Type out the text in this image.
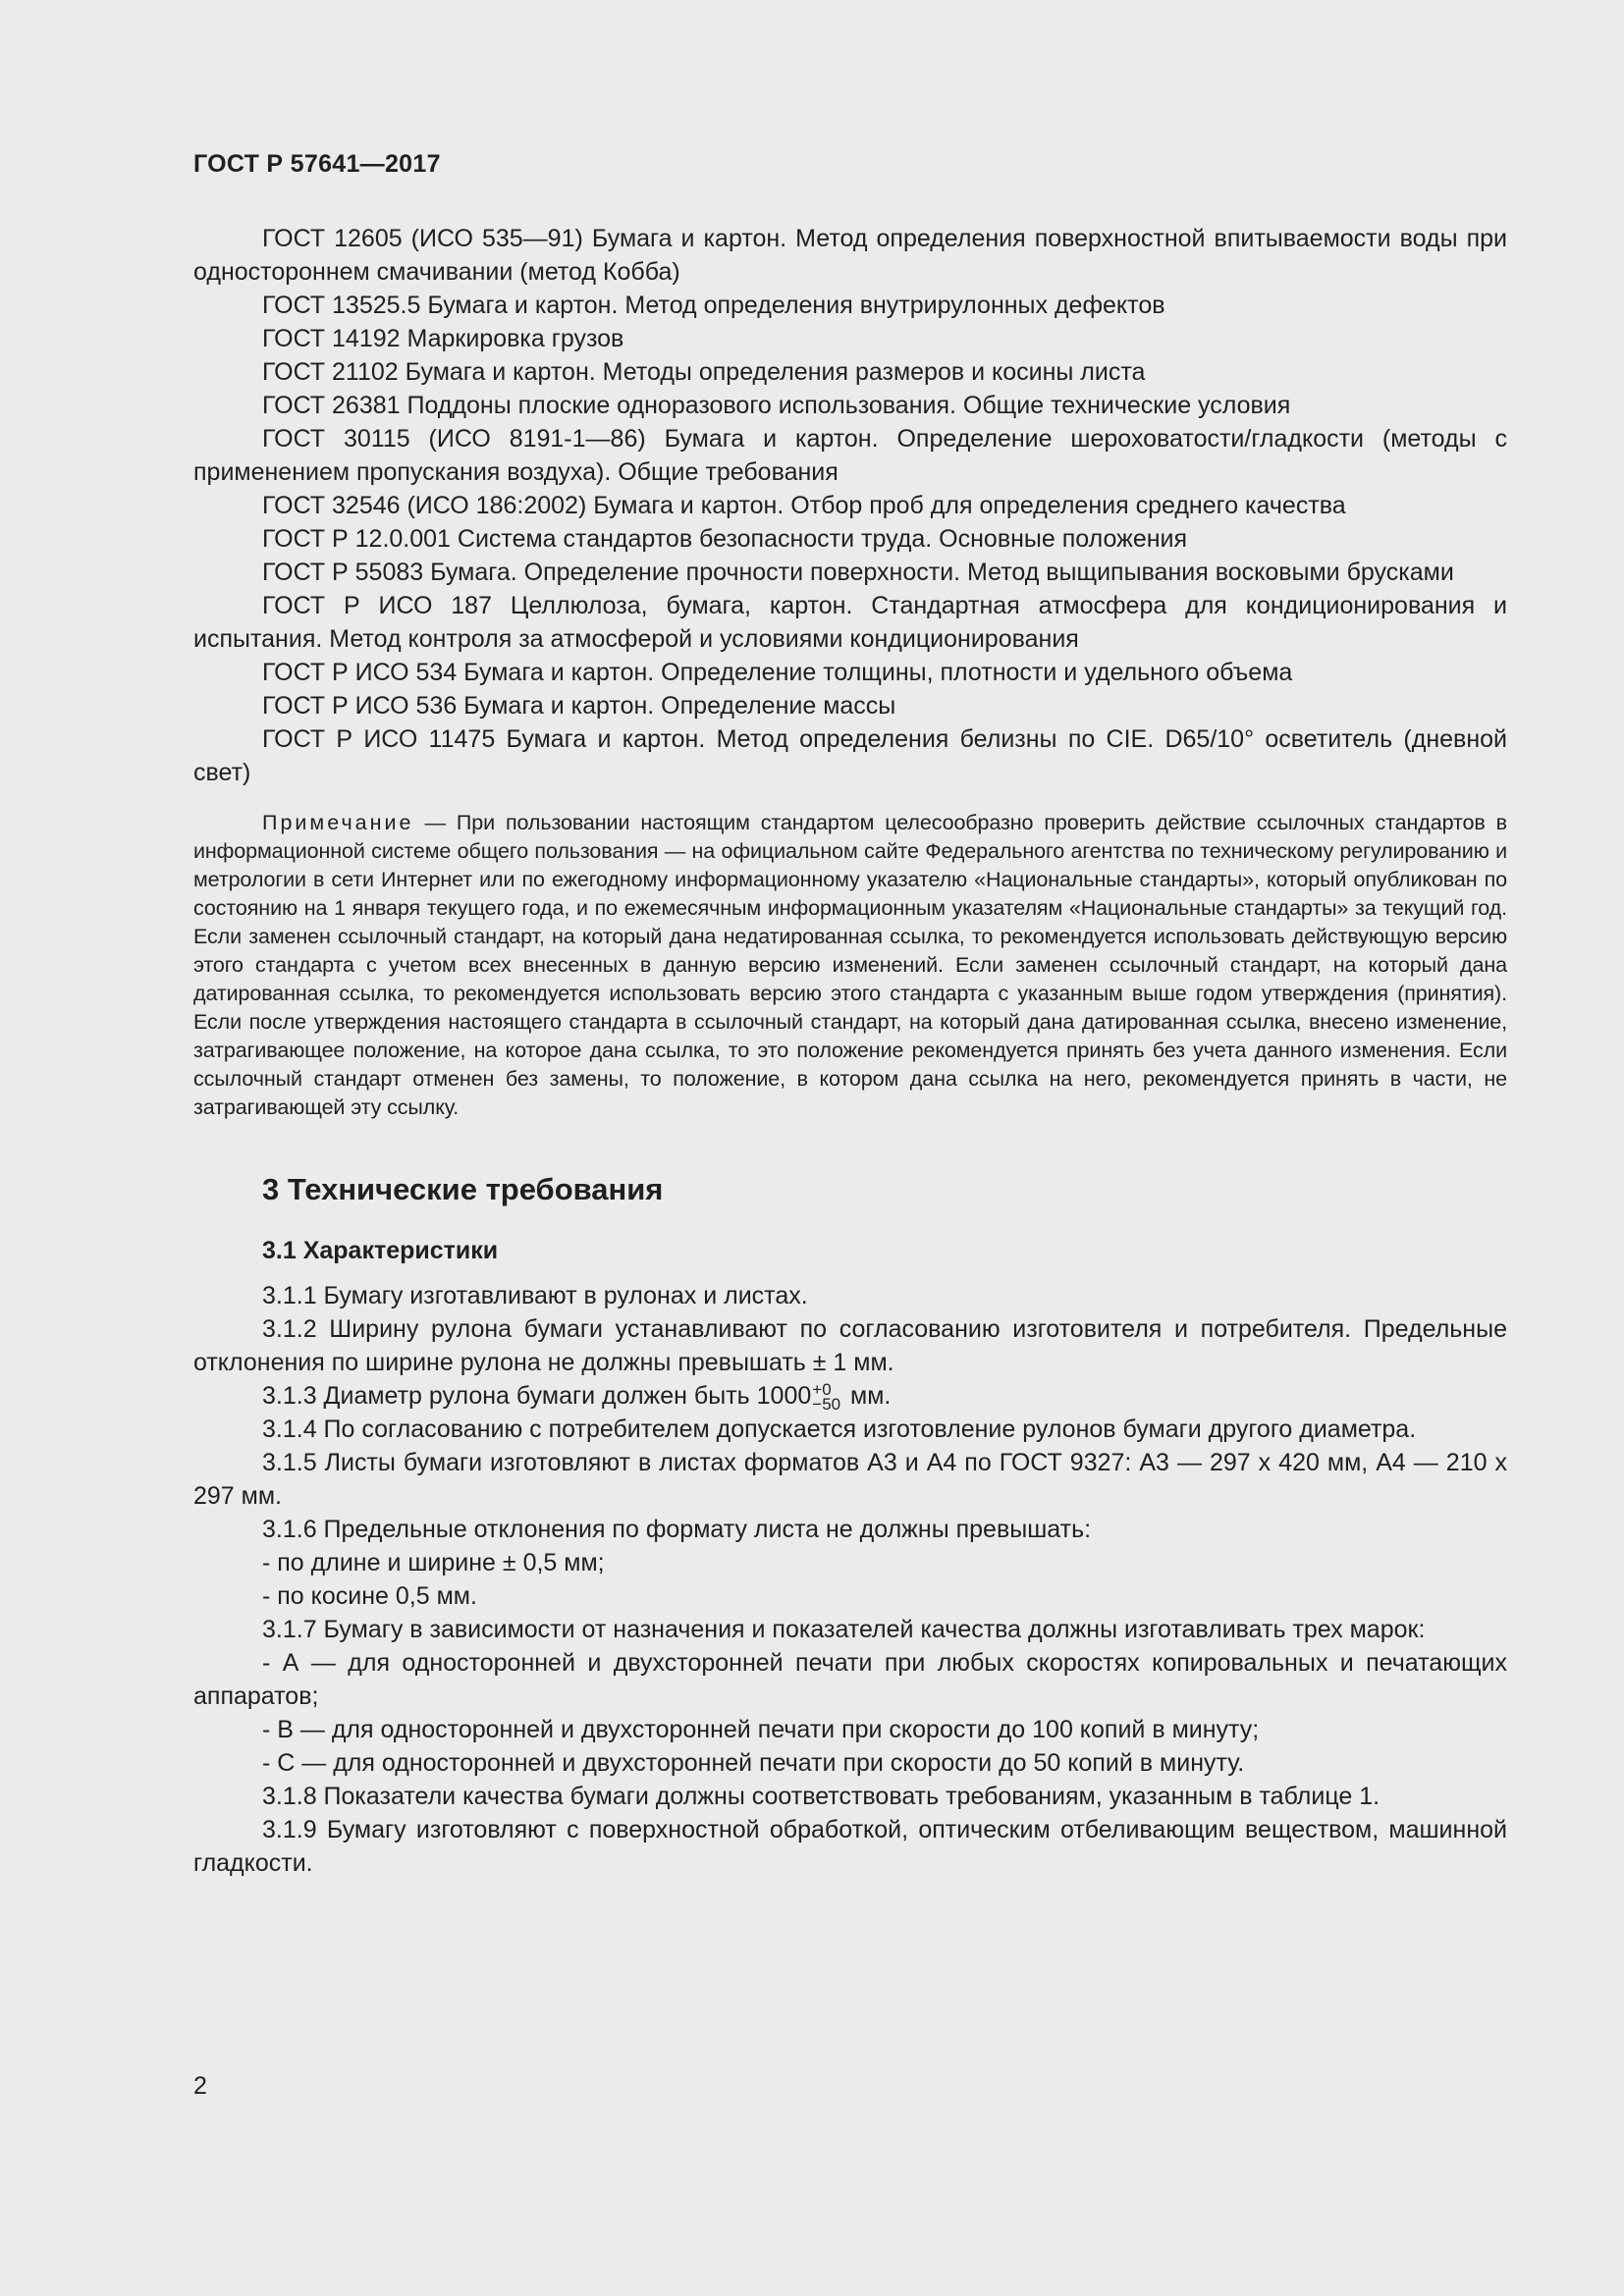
ГОСТ Р 57641—2017

ГОСТ 12605 (ИСО 535—91) Бумага и картон. Метод определения поверхностной впитываемости воды при одностороннем смачивании (метод Кобба)

ГОСТ 13525.5 Бумага и картон. Метод определения внутрирулонных дефектов

ГОСТ 14192 Маркировка грузов

ГОСТ 21102 Бумага и картон. Методы определения размеров и косины листа

ГОСТ 26381 Поддоны плоские одноразового использования. Общие технические условия

ГОСТ 30115 (ИСО 8191-1—86) Бумага и картон. Определение шероховатости/гладкости (методы с применением пропускания воздуха). Общие требования

ГОСТ 32546 (ИСО 186:2002) Бумага и картон. Отбор проб для определения среднего качества

ГОСТ Р 12.0.001 Система стандартов безопасности труда. Основные положения

ГОСТ Р 55083 Бумага. Определение прочности поверхности. Метод выщипывания восковыми брусками

ГОСТ Р ИСО 187 Целлюлоза, бумага, картон. Стандартная атмосфера для кондиционирования и испытания. Метод контроля за атмосферой и условиями кондиционирования

ГОСТ Р ИСО 534 Бумага и картон. Определение толщины, плотности и удельного объема

ГОСТ Р ИСО 536 Бумага и картон. Определение массы

ГОСТ Р ИСО 11475 Бумага и картон. Метод определения белизны по CIE. D65/10° осветитель (дневной свет)

Примечание — При пользовании настоящим стандартом целесообразно проверить действие ссылочных стандартов в информационной системе общего пользования — на официальном сайте Федерального агентства по техническому регулированию и метрологии в сети Интернет или по ежегодному информационному указателю «Национальные стандарты», который опубликован по состоянию на 1 января текущего года, и по ежемесячным информационным указателям «Национальные стандарты» за текущий год. Если заменен ссылочный стандарт, на который дана недатированная ссылка, то рекомендуется использовать действующую версию этого стандарта с учетом всех внесенных в данную версию изменений. Если заменен ссылочный стандарт, на который дана датированная ссылка, то рекомендуется использовать версию этого стандарта с указанным выше годом утверждения (принятия). Если после утверждения настоящего стандарта в ссылочный стандарт, на который дана датированная ссылка, внесено изменение, затрагивающее положение, на которое дана ссылка, то это положение рекомендуется принять без учета данного изменения. Если ссылочный стандарт отменен без замены, то положение, в котором дана ссылка на него, рекомендуется принять в части, не затрагивающей эту ссылку.

3 Технические требования
3.1 Характеристики

3.1.1 Бумагу изготавливают в рулонах и листах.

3.1.2 Ширину рулона бумаги устанавливают по согласованию изготовителя и потребителя. Предельные отклонения по ширине рулона не должны превышать ± 1 мм.

3.1.3 Диаметр рулона бумаги должен быть 1000 +0
−50 мм.

3.1.4 По согласованию с потребителем допускается изготовление рулонов бумаги другого диаметра.

3.1.5 Листы бумаги изготовляют в листах форматов А3 и А4 по ГОСТ 9327: А3 — 297 х 420 мм, А4 — 210 х 297 мм.

3.1.6 Предельные отклонения по формату листа не должны превышать:

- по длине и ширине ± 0,5 мм;

- по косине 0,5 мм.

3.1.7 Бумагу в зависимости от назначения и показателей качества должны изготавливать трех марок:

- А — для односторонней и двухсторонней печати при любых скоростях копировальных и печатающих аппаратов;

- В — для односторонней и двухсторонней печати при скорости до 100 копий в минуту;

- С — для односторонней и двухсторонней печати при скорости до 50 копий в минуту.

3.1.8 Показатели качества бумаги должны соответствовать требованиям, указанным в таблице 1.

3.1.9 Бумагу изготовляют с поверхностной обработкой, оптическим отбеливающим веществом, машинной гладкости.

2
